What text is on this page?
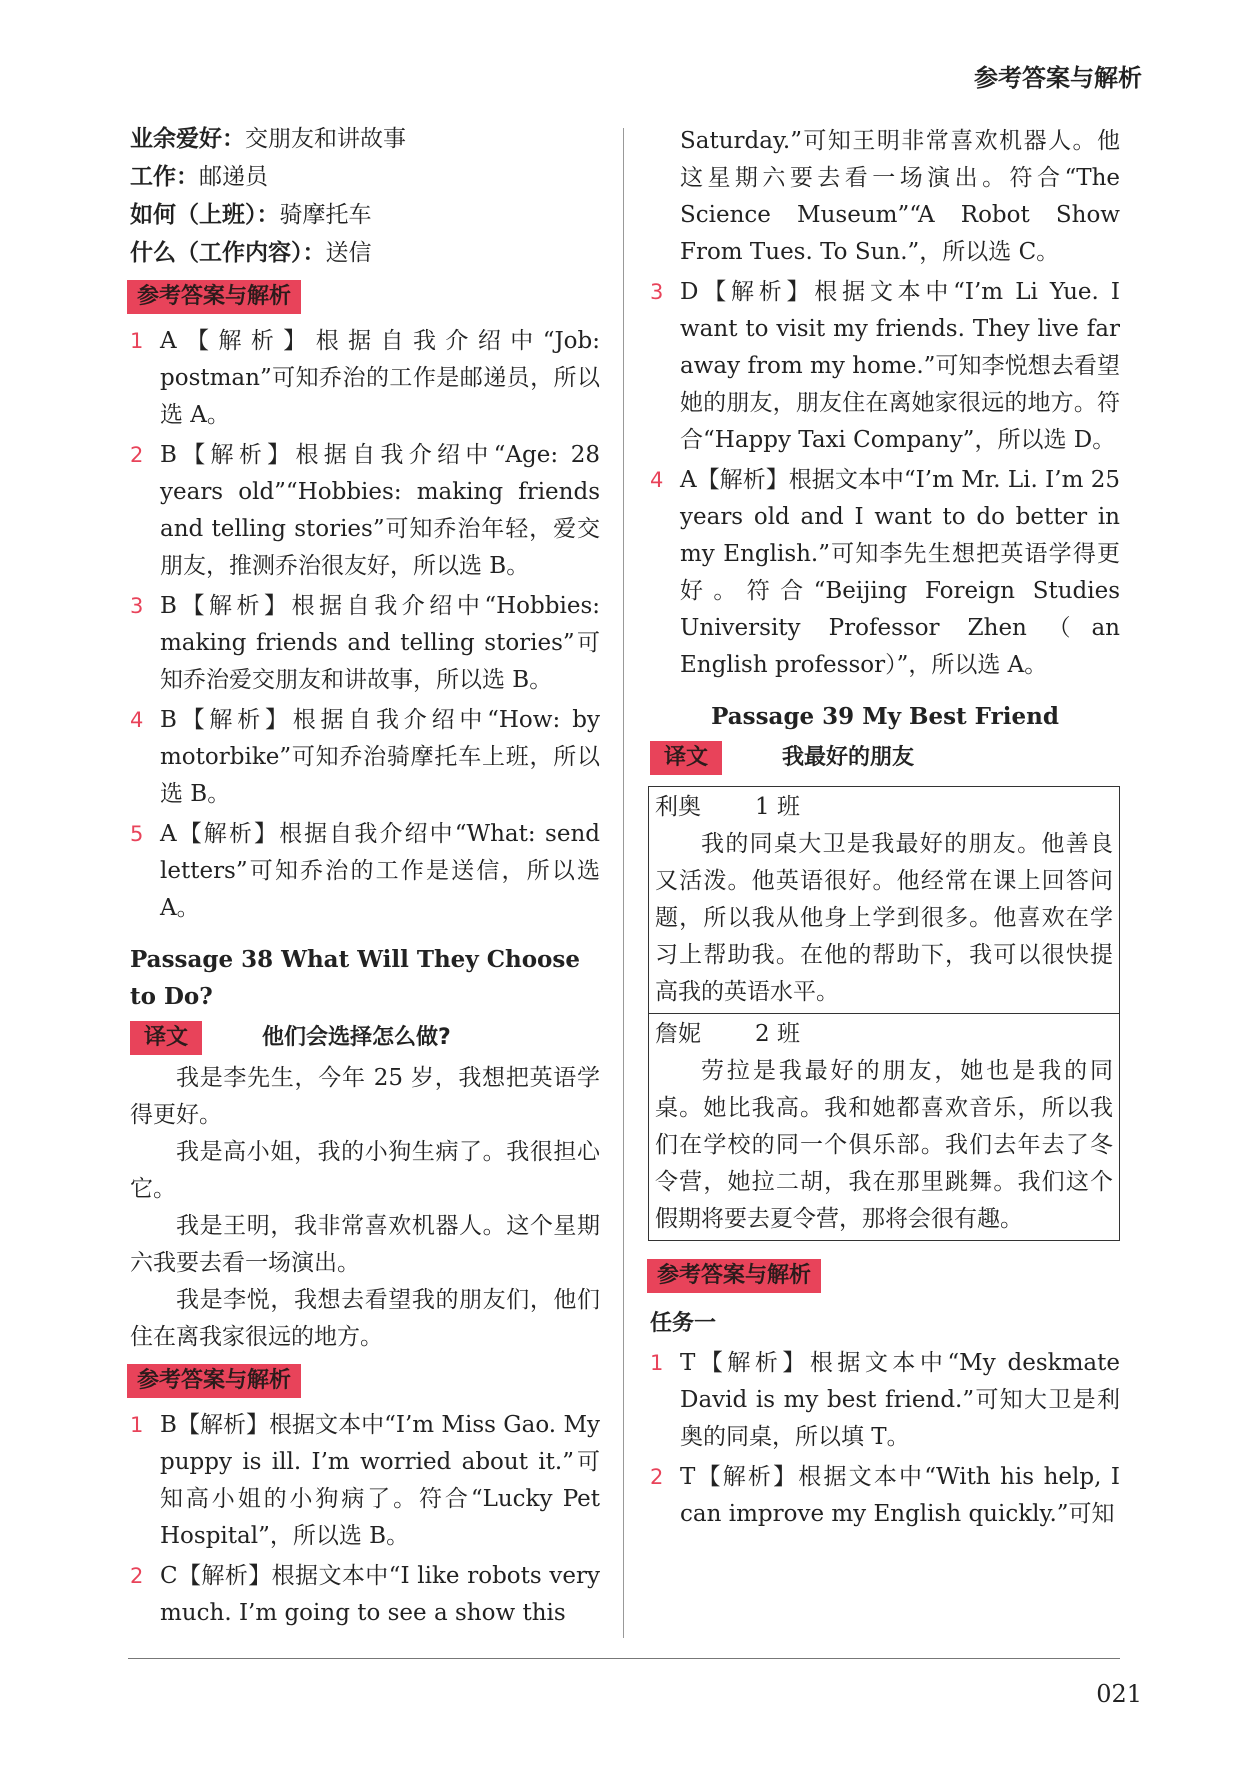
参考答案与解析

业余爱好：交朋友和讲故事

工作：邮递员

如何（上班）：骑摩托车

什么（工作内容）：送信

参考答案与解析
1 A【解析】根据自我介绍中“Job: postman”可知乔治的工作是邮递员，所以选 A。
2 B【解析】根据自我介绍中“Age: 28 years old”“Hobbies: making friends and telling stories”可知乔治年轻，爱交朋友，推测乔治很友好，所以选 B。
3 B【解析】根据自我介绍中“Hobbies: making friends and telling stories”可知乔治爱交朋友和讲故事，所以选 B。
4 B【解析】根据自我介绍中“How: by motorbike”可知乔治骑摩托车上班，所以选 B。
5 A【解析】根据自我介绍中“What: send letters”可知乔治的工作是送信，所以选 A。
Passage 38 What Will They Choose to Do?
译文	他们会选择怎么做?

我是李先生，今年 25 岁，我想把英语学得更好。

我是高小姐，我的小狗生病了。我很担心它。

我是王明，我非常喜欢机器人。这个星期六我要去看一场演出。

我是李悦，我想去看望我的朋友们，他们住在离我家很远的地方。

参考答案与解析
1 B【解析】根据文本中“I’m Miss Gao. My puppy is ill. I’m worried about it.”可知高小姐的小狗病了。符合“Lucky Pet Hospital”，所以选 B。
2 C【解析】根据文本中“I like robots very much. I’m going to see a show this
Saturday.”可知王明非常喜欢机器人。他这星期六要去看一场演出。符合“The Science Museum”“A Robot Show From Tues. To Sun.”，所以选 C。
3 D【解析】根据文本中“I’m Li Yue. I want to visit my friends. They live far away from my home.”可知李悦想去看望她的朋友，朋友住在离她家很远的地方。符合“Happy Taxi Company”，所以选 D。
4 A【解析】根据文本中“I’m Mr. Li. I’m 25 years old and I want to do better in my English.”可知李先生想把英语学得更好。符合“Beijing Foreign Studies University Professor Zhen（an English professor）”，所以选 A。
Passage 39 My Best Friend
译文	我最好的朋友
利奥	1 班

我的同桌大卫是我最好的朋友。他善良又活泼。他英语很好。他经常在课上回答问题，所以我从他身上学到很多。他喜欢在学习上帮助我。在他的帮助下，我可以很快提高我的英语水平。

詹妮	2 班

劳拉是我最好的朋友，她也是我的同桌。她比我高。我和她都喜欢音乐，所以我们在学校的同一个俱乐部。我们去年去了冬令营，她拉二胡，我在那里跳舞。我们这个假期将要去夏令营，那将会很有趣。

参考答案与解析
任务一
1 T【解析】根据文本中“My deskmate David is my best friend.”可知大卫是利奥的同桌，所以填 T。
2 T【解析】根据文本中“With his help, I can improve my English quickly.”可知
021
